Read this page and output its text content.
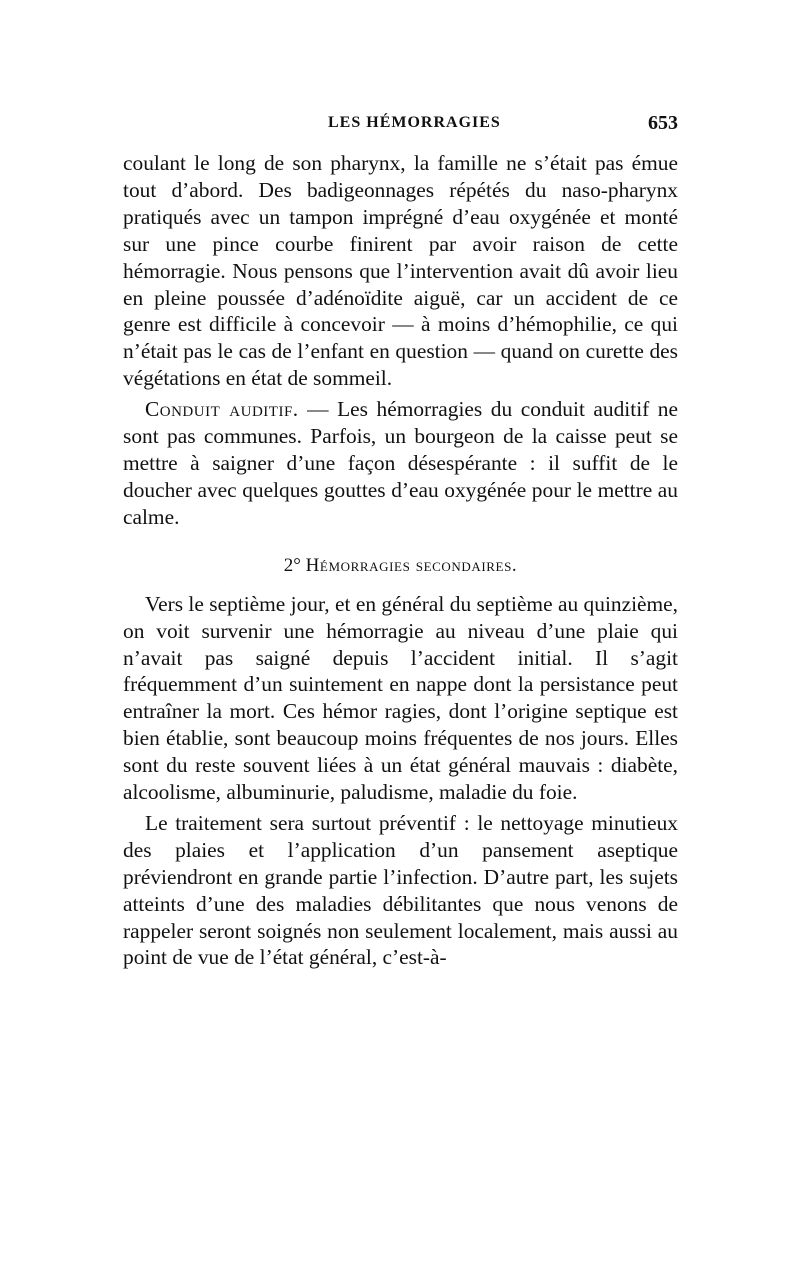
LES HÉMORRAGIES	653

coulant le long de son pharynx, la famille ne s’était pas émue tout d’abord. Des badigeonnages répétés du naso-pharynx pratiqués avec un tampon imprégné d’eau oxygénée et monté sur une pince courbe finirent par avoir raison de cette hémorragie. Nous pensons que l’intervention avait dû avoir lieu en pleine poussée d’adénoïdite aiguë, car un accident de ce genre est difficile à concevoir — à moins d’hémophilie, ce qui n’était pas le cas de l’enfant en question — quand on curette des végétations en état de sommeil.

Conduit auditif. — Les hémorragies du conduit auditif ne sont pas communes. Parfois, un bourgeon de la caisse peut se mettre à saigner d’une façon désespérante : il suffit de le doucher avec quelques gouttes d’eau oxygénée pour le mettre au calme.

2° Hémorragies secondaires.

Vers le septième jour, et en général du septième au quinzième, on voit survenir une hémorragie au niveau d’une plaie qui n’avait pas saigné depuis l’accident initial. Il s’agit fréquemment d’un suintement en nappe dont la persistance peut entraîner la mort. Ces hémor ragies, dont l’origine septique est bien établie, sont beaucoup moins fréquentes de nos jours. Elles sont du reste souvent liées à un état général mauvais : diabète, alcoolisme, albuminurie, paludisme, maladie du foie.

Le traitement sera surtout préventif : le nettoyage minutieux des plaies et l’application d’un pansement aseptique préviendront en grande partie l’infection. D’autre part, les sujets atteints d’une des maladies débilitantes que nous venons de rappeler seront soignés non seulement localement, mais aussi au point de vue de l’état général, c’est-à-
